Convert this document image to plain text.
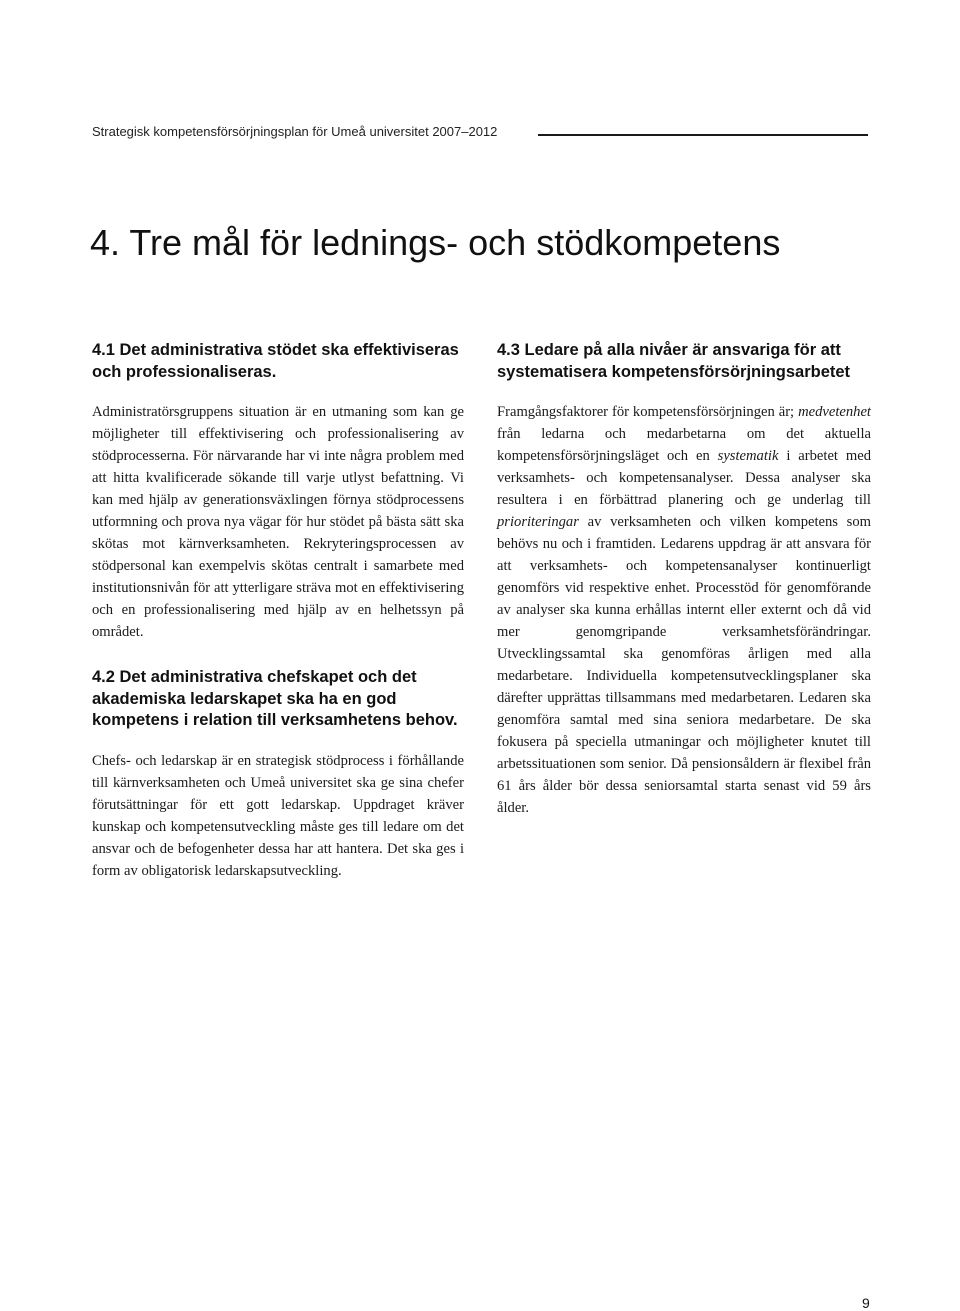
Strategisk kompetensförsörjningsplan för Umeå universitet 2007–2012
4. Tre mål för lednings- och stödkompetens
4.1 Det administrativa stödet ska effektiviseras och professionaliseras.

Administratörsgruppens situation är en utmaning som kan ge möjligheter till effektivisering och professionalisering av stödprocesserna. För närvarande har vi inte några problem med att hitta kvalificerade sökande till varje utlyst befattning. Vi kan med hjälp av generationsväxlingen förnya stödprocessens utformning och prova nya vägar för hur stödet på bästa sätt ska skötas mot kärnverksamheten. Rekryteringsprocessen av stödpersonal kan exempelvis skötas centralt i samarbete med institutionsnivån för att ytterligare sträva mot en effektivisering och en professionalisering med hjälp av en helhetssyn på området.

4.2 Det administrativa chefskapet och det akademiska ledarskapet ska ha en god kompetens i relation till verksamhetens behov.

Chefs- och ledarskap är en strategisk stödprocess i förhållande till kärnverksamheten och Umeå universitet ska ge sina chefer förutsättningar för ett gott ledarskap. Uppdraget kräver kunskap och kompetensutveckling måste ges till ledare om det ansvar och de befogenheter dessa har att hantera. Det ska ges i form av obligatorisk ledarskapsutveckling.

4.3 Ledare på alla nivåer är ansvariga för att systematisera kompetensförsörjningsarbetet

Framgångsfaktorer för kompetensförsörjningen är; medvetenhet från ledarna och medarbetarna om det aktuella kompetensförsörjningsläget och en systematik i arbetet med verksamhets- och kompetensanalyser. Dessa analyser ska resultera i en förbättrad planering och ge underlag till prioriteringar av verksamheten och vilken kompetens som behövs nu och i framtiden. Ledarens uppdrag är att ansvara för att verksamhets- och kompetensanalyser kontinuerligt genomförs vid respektive enhet. Processtöd för genomförande av analyser ska kunna erhållas internt eller externt och då vid mer genomgripande verksamhetsförändringar. Utvecklingssamtal ska genomföras årligen med alla medarbetare. Individuella kompetensutvecklingsplaner ska därefter upprättas tillsammans med medarbetaren. Ledaren ska genomföra samtal med sina seniora medarbetare. De ska fokusera på speciella utmaningar och möjligheter knutet till arbetssituationen som senior. Då pensionsåldern är flexibel från 61 års ålder bör dessa seniorsamtal starta senast vid 59 års ålder.

9
